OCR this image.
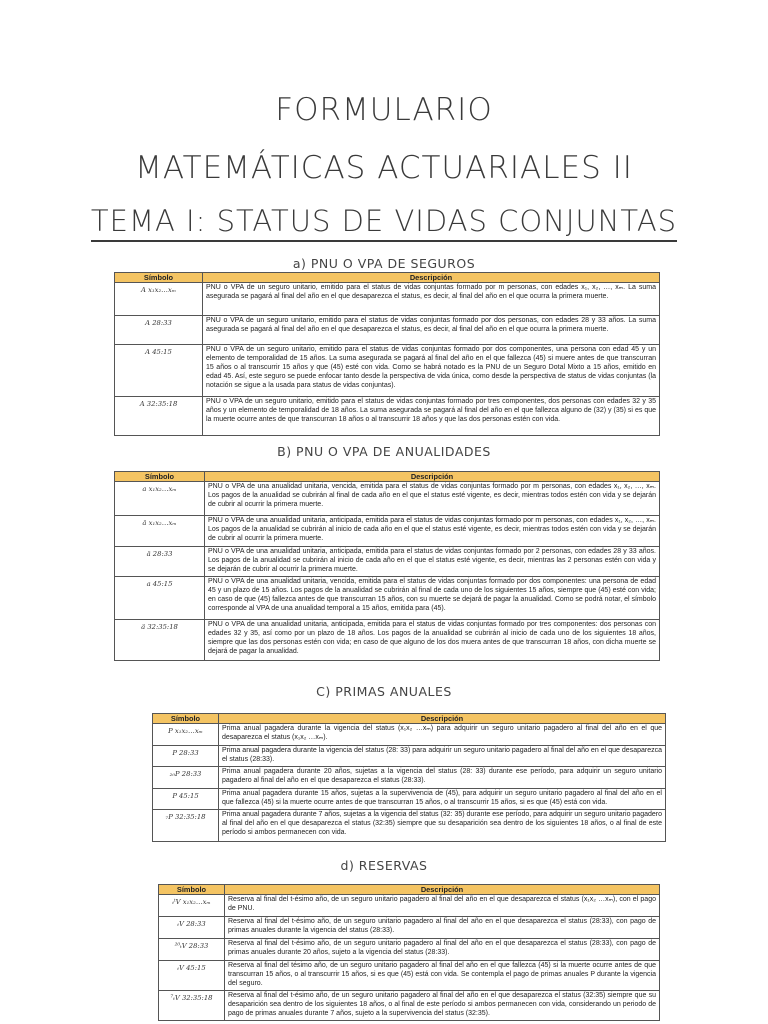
FORMULARIO
MATEMÁTICAS ACTUARIALES II
TEMA I: STATUS DE VIDAS CONJUNTAS
a) PNU O VPA DE SEGUROS
Símbolo	Descripción
A x₁x₂…xₘ	PNU o VPA de un seguro unitario, emitido para el status de vidas conjuntas formado por m personas, con edades x₁, x₂, …, xₘ. La suma asegurada se pagará al final del año en el que desaparezca el status, es decir, al final del año en el que ocurra la primera muerte.
A 28:33	PNU o VPA de un seguro unitario, emitido para el status de vidas conjuntas formado por dos personas, con edades 28 y 33 años. La suma asegurada se pagará al final del año en el que desaparezca el status, es decir, al final del año en el que ocurra la primera muerte.
A 45:15̅	PNU o VPA de un seguro unitario, emitido para el status de vidas conjuntas formado por dos componentes, una persona con edad 45 y un elemento de temporalidad de 15 años. La suma asegurada se pagará al final del año en el que fallezca (45) si muere antes de que transcurran 15 años o al transcurrir 15 años y que (45) esté con vida. Como se habrá notado es la PNU de un Seguro Dotal Mixto a 15 años, emitido en edad 45. Así, este seguro se puede enfocar tanto desde la perspectiva de vida única, como desde la perspectiva de status de vidas conjuntas (la notación se sigue a la usada para status de vidas conjuntas).
A 32:35:18̅	PNU o VPA de un seguro unitario, emitido para el status de vidas conjuntas formado por tres componentes, dos personas con edades 32 y 35 años y un elemento de temporalidad de 18 años. La suma asegurada se pagará al final del año en el que fallezca alguno de (32) y (35) si es que la muerte ocurre antes de que transcurran 18 años o al transcurrir 18 años y que las dos personas estén con vida.
B) PNU O VPA DE ANUALIDADES
Símbolo	Descripción
a x₁x₂…xₘ	PNU o VPA de una anualidad unitaria, vencida, emitida para el status de vidas conjuntas formado por m personas, con edades x₁, x₂, …, xₘ. Los pagos de la anualidad se cubrirán al final de cada año en el que el status esté vigente, es decir, mientras todos estén con vida y se dejarán de cubrir al ocurrir la primera muerte.
ä x₁x₂…xₘ	PNU o VPA de una anualidad unitaria, anticipada, emitida para el status de vidas conjuntas formado por m personas, con edades x₁, x₂, …, xₘ. Los pagos de la anualidad se cubrirán al inicio de cada año en el que el status esté vigente, es decir, mientras todos estén con vida y se dejarán de cubrir al ocurrir la primera muerte.
ä 28:33	PNU o VPA de una anualidad unitaria, anticipada, emitida para el status de vidas conjuntas formado por 2 personas, con edades 28 y 33 años. Los pagos de la anualidad se cubrirán al inicio de cada año en el que el status esté vigente, es decir, mientras las 2 personas estén con vida y se dejarán de cubrir al ocurrir la primera muerte.
a 45:15̅	PNU o VPA de una anualidad unitaria, vencida, emitida para el status de vidas conjuntas formado por dos componentes: una persona de edad 45 y un plazo de 15 años. Los pagos de la anualidad se cubrirán al final de cada uno de los siguientes 15 años, siempre que (45) esté con vida; en caso de que (45) fallezca antes de que transcurran 15 años, con su muerte se dejará de pagar la anualidad. Como se podrá notar, el símbolo corresponde al VPA de una anualidad temporal a 15 años, emitida para (45).
ä 32:35:18̅	PNU o VPA de una anualidad unitaria, anticipada, emitida para el status de vidas conjuntas formado por tres componentes: dos personas con edades 32 y 35, así como por un plazo de 18 años. Los pagos de la anualidad se cubrirán al inicio de cada uno de los siguientes 18 años, siempre que las dos personas estén con vida; en caso de que alguno de los dos muera antes de que transcurran 18 años, con dicha muerte se dejará de pagar la anualidad.
C) PRIMAS ANUALES
Símbolo	Descripción
P x₁x₂…xₘ	Prima anual pagadera durante la vigencia del status (x₁x₂ …xₘ) para adquirir un seguro unitario pagadero al final del año en el que desaparezca el status (x₁x₂ …xₘ).
P 28:33	Prima anual pagadera durante la vigencia del status (28: 33) para adquirir un seguro unitario pagadero al final del año en el que desaparezca el status (28:33).
₂₀P 28:33	Prima anual pagadera durante 20 años, sujetas a la vigencia del status (28: 33) durante ese período, para adquirir un seguro unitario pagadero al final del año en el que desaparezca el status (28:33).
P 45:15̅	Prima anual pagadera durante 15 años, sujetas a la supervivencia de (45), para adquirir un seguro unitario pagadero al final del año en el que fallezca (45) si la muerte ocurre antes de que transcurran 15 años, o al transcurrir 15 años, si es que (45) está con vida.
₇P 32:35:18̅	Prima anual pagadera durante 7 años, sujetas a la vigencia del status (32: 35) durante ese período, para adquirir un seguro unitario pagadero al final del año en el que desaparezca el status (32:35) siempre que su desaparición sea dentro de los siguientes 18 años, o al final de este período si ambos permanecen con vida.
d) RESERVAS
Símbolo	Descripción
ₜᵗV x₁x₂…xₘ	Reserva al final del t-ésimo año, de un seguro unitario pagadero al final del año en el que desaparezca el status (x₁x₂ …xₘ), con el pago de PNU.
ₜV 28:33	Reserva al final del t-ésimo año, de un seguro unitario pagadero al final del año en el que desaparezca el status (28:33), con pago de primas anuales durante la vigencia del status (28:33).
²⁰ₜV 28:33	Reserva al final del t-ésimo año, de un seguro unitario pagadero al final del año en el que desaparezca el status (28:33), con pago de primas anuales durante 20 años, sujeto a la vigencia del status (28:33).
ₜV 45:15̅	Reserva al final del tésimo año, de un seguro unitario pagadero al final del año en el que fallezca (45) si la muerte ocurre antes de que transcurran 15 años, o al transcurrir 15 años, si es que (45) está con vida. Se contempla el pago de primas anuales P durante la vigencia del seguro.
⁷ₜV 32:35:18̅	Reserva al final del t-ésimo año, de un seguro unitario pagadero al final del año en el que desaparezca el status (32:35) siempre que su desaparición sea dentro de los siguientes 18 años, o al final de este período si ambos permanecen con vida, considerando un periodo de pago de primas anuales durante 7 años, sujeto a la supervivencia del status (32:35).
